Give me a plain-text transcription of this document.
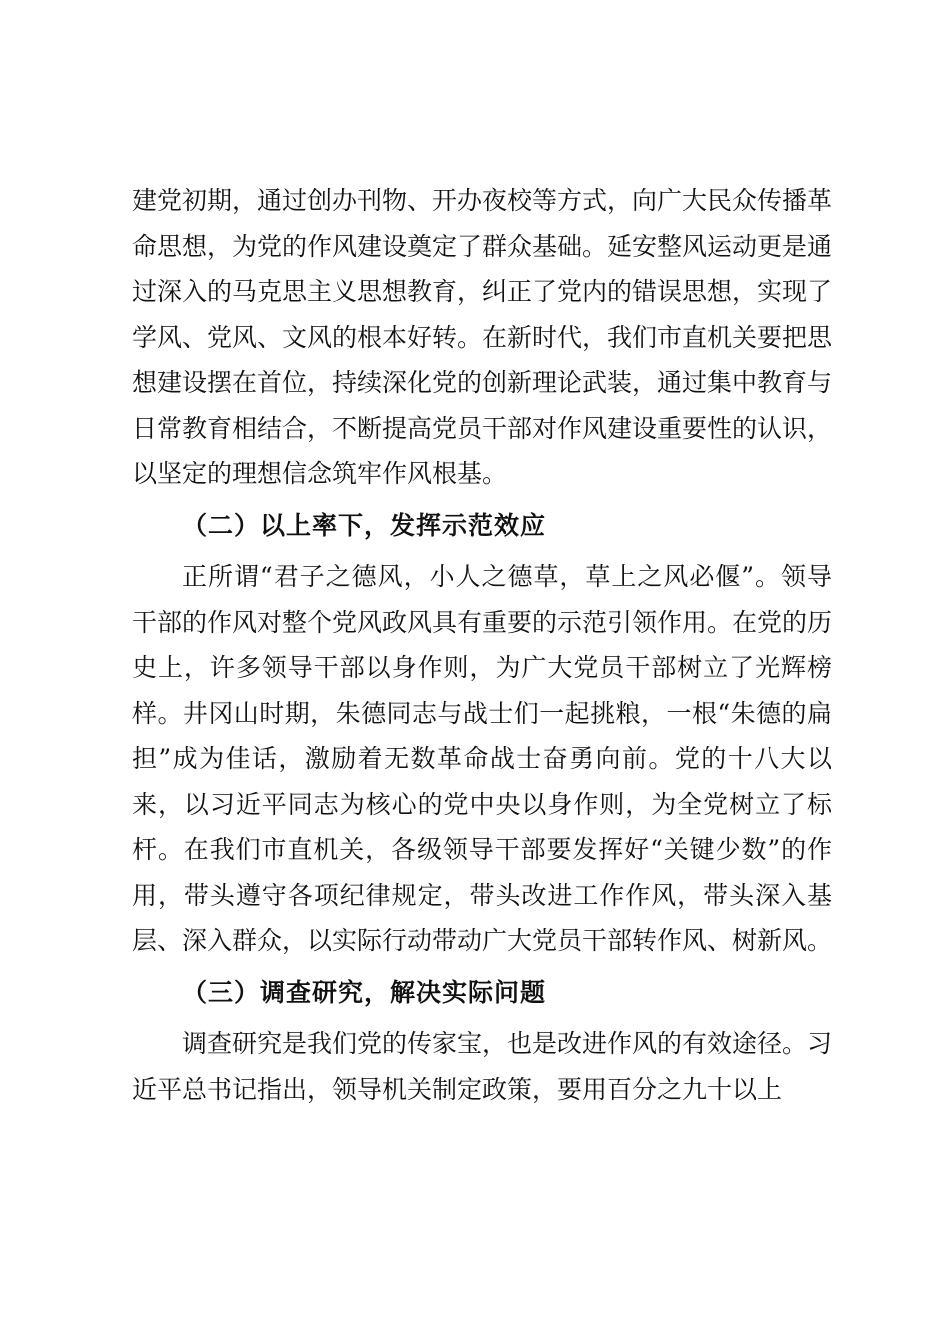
建党初期，通过创办刊物、开办夜校等方式，向广大民众传播革命思想，为党的作风建设奠定了群众基础。延安整风运动更是通过深入的马克思主义思想教育，纠正了党内的错误思想，实现了学风、党风、文风的根本好转。在新时代，我们市直机关要把思想建设摆在首位，持续深化党的创新理论武装，通过集中教育与日常教育相结合，不断提高党员干部对作风建设重要性的认识，以坚定的理想信念筑牢作风根基。

（二）以上率下，发挥示范效应

正所谓“君子之德风，小人之德草，草上之风必偃”。领导干部的作风对整个党风政风具有重要的示范引领作用。在党的历史上，许多领导干部以身作则，为广大党员干部树立了光辉榜样。井冈山时期，朱德同志与战士们一起挑粮，一根“朱德的扁担”成为佳话，激励着无数革命战士奋勇向前。党的十八大以来，以习近平同志为核心的党中央以身作则，为全党树立了标杆。在我们市直机关，各级领导干部要发挥好“关键少数”的作用，带头遵守各项纪律规定，带头改进工作作风，带头深入基层、深入群众，以实际行动带动广大党员干部转作风、树新风。

（三）调查研究，解决实际问题

调查研究是我们党的传家宝，也是改进作风的有效途径。习近平总书记指出，领导机关制定政策，要用百分之九十以上
